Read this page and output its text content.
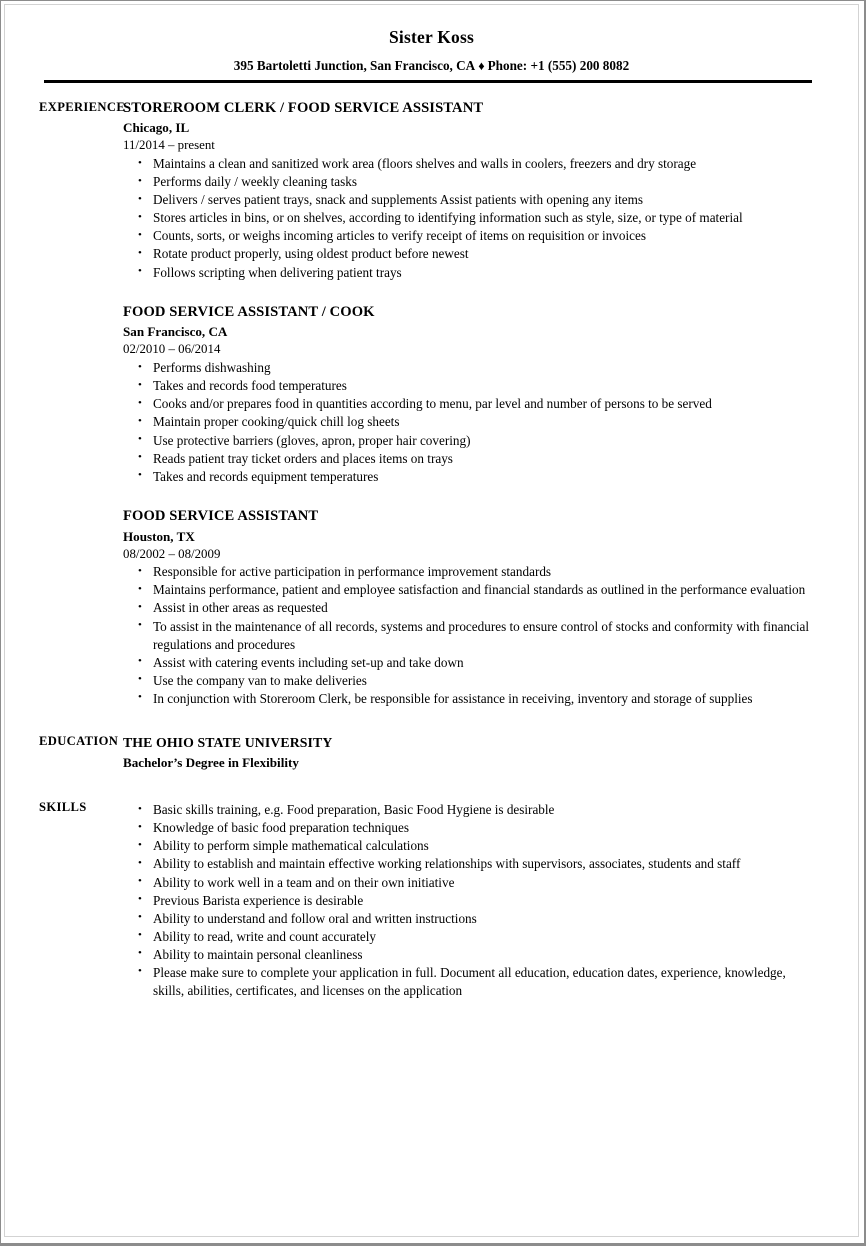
Sister Koss
395 Bartoletti Junction, San Francisco, CA ♦ Phone: +1 (555) 200 8082
EXPERIENCE
STOREROOM CLERK / FOOD SERVICE ASSISTANT
Chicago, IL
11/2014 – present
• Maintains a clean and sanitized work area (floors shelves and walls in coolers, freezers and dry storage
• Performs daily / weekly cleaning tasks
• Delivers / serves patient trays, snack and supplements Assist patients with opening any items
• Stores articles in bins, or on shelves, according to identifying information such as style, size, or type of material
• Counts, sorts, or weighs incoming articles to verify receipt of items on requisition or invoices
• Rotate product properly, using oldest product before newest
• Follows scripting when delivering patient trays
FOOD SERVICE ASSISTANT / COOK
San Francisco, CA
02/2010 – 06/2014
• Performs dishwashing
• Takes and records food temperatures
• Cooks and/or prepares food in quantities according to menu, par level and number of persons to be served
• Maintain proper cooking/quick chill log sheets
• Use protective barriers (gloves, apron, proper hair covering)
• Reads patient tray ticket orders and places items on trays
• Takes and records equipment temperatures
FOOD SERVICE ASSISTANT
Houston, TX
08/2002 – 08/2009
• Responsible for active participation in performance improvement standards
• Maintains performance, patient and employee satisfaction and financial standards as outlined in the performance evaluation
• Assist in other areas as requested
• To assist in the maintenance of all records, systems and procedures to ensure control of stocks and conformity with financial regulations and procedures
• Assist with catering events including set-up and take down
• Use the company van to make deliveries
• In conjunction with Storeroom Clerk, be responsible for assistance in receiving, inventory and storage of supplies
EDUCATION THE OHIO STATE UNIVERSITY
Bachelor’s Degree in Flexibility
SKILLS	• Basic skills training, e.g. Food preparation, Basic Food Hygiene is desirable
• Knowledge of basic food preparation techniques
• Ability to perform simple mathematical calculations
• Ability to establish and maintain effective working relationships with supervisors, associates, students and staff
• Ability to work well in a team and on their own initiative
• Previous Barista experience is desirable
• Ability to understand and follow oral and written instructions
• Ability to read, write and count accurately
• Ability to maintain personal cleanliness
• Please make sure to complete your application in full. Document all education, education dates, experience, knowledge, skills, abilities, certificates, and licenses on the application
